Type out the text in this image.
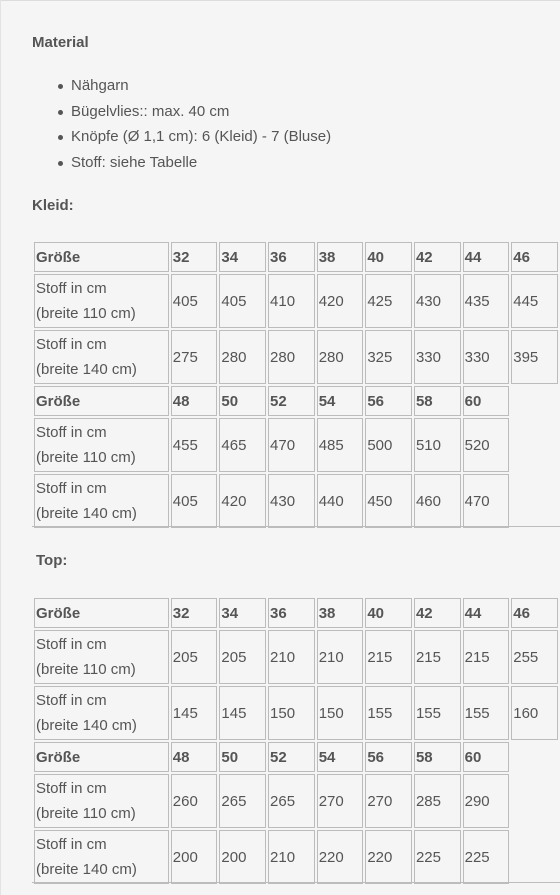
Material
Nähgarn
Bügelvlies:: max. 40 cm
Knöpfe (Ø 1,1 cm): 6 (Kleid) - 7 (Bluse)
Stoff: siehe Tabelle
Kleid:
Größe	32	34	36	38	40	42	44	46

Stoff in cm
(breite 110 cm)	405	405	410	420	425	430	435	445

Stoff in cm
(breite 140 cm)	275	280	280	280	325	330	330	395
Größe	48	50	52	54	56	58	60	

Stoff in cm
(breite 110 cm)	455	465	470	485	500	510	520	

Stoff in cm
(breite 140 cm)	405	420	430	440	450	460	470	
Top:
Größe	32	34	36	38	40	42	44	46

Stoff in cm
(breite 110 cm)	205	205	210	210	215	215	215	255

Stoff in cm
(breite 140 cm)	145	145	150	150	155	155	155	160
Größe	48	50	52	54	56	58	60	

Stoff in cm
(breite 110 cm)	260	265	265	270	270	285	290	

Stoff in cm
(breite 140 cm)	200	200	210	220	220	225	225	
